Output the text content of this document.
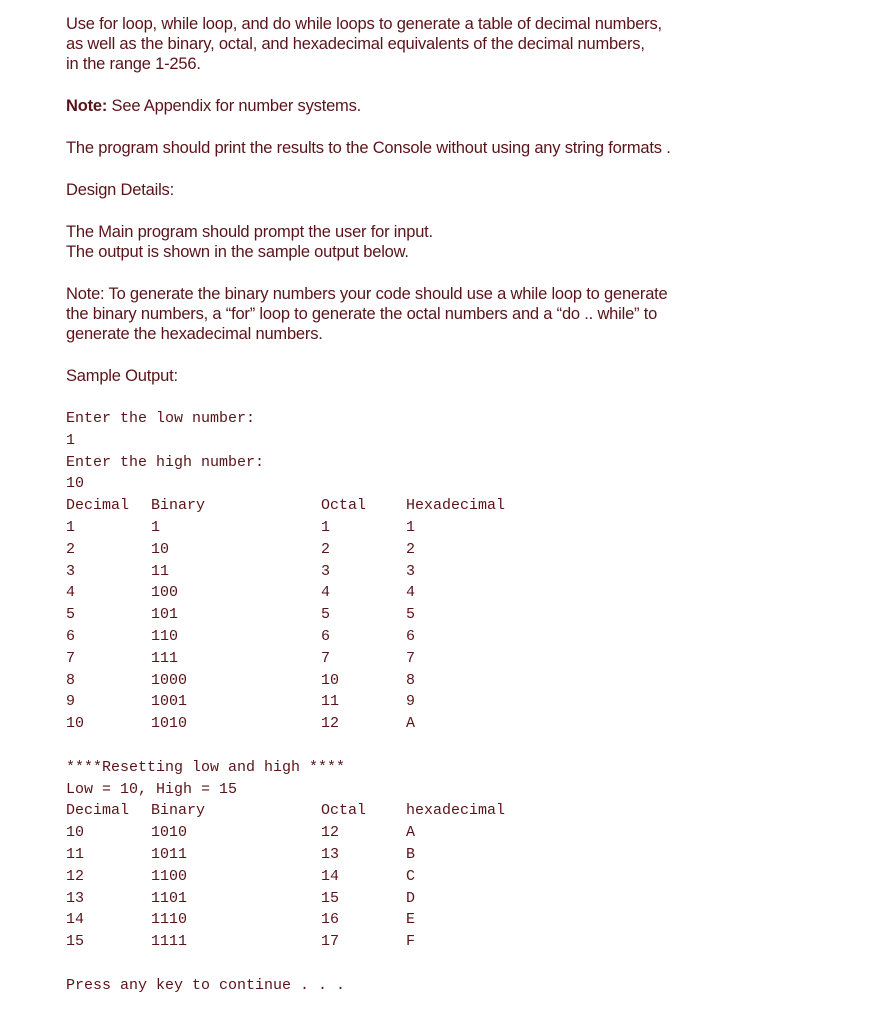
Use for loop, while loop, and do while loops to generate a table of decimal numbers,
as well as the binary, octal, and hexadecimal equivalents of the decimal numbers,
in the range 1-256.
Note: See Appendix for number systems.
The program should print the results to the Console without using any string formats .
Design Details:
The Main program should prompt the user for input.
The output is shown in the sample output below.
Note: To generate the binary numbers your code should use a while loop to generate
the binary numbers, a “for” loop to generate the octal numbers and a “do .. while” to
generate the hexadecimal numbers.
Sample Output:
Enter the low number:
1
Enter the high number:
10
Decimal	Binary	Octal	Hexadecimal
1	1	1	1
2	10	2	2
3	11	3	3
4	100	4	4
5	101	5	5
6	110	6	6
7	111	7	7
8	1000	10	8
9	1001	11	9
10	1010	12	A

****Resetting low and high ****
Low = 10, High = 15
Decimal	Binary	Octal	hexadecimal
10	1010	12	A
11	1011	13	B
12	1100	14	C
13	1101	15	D
14	1110	16	E
15	1111	17	F

Press any key to continue . . .
